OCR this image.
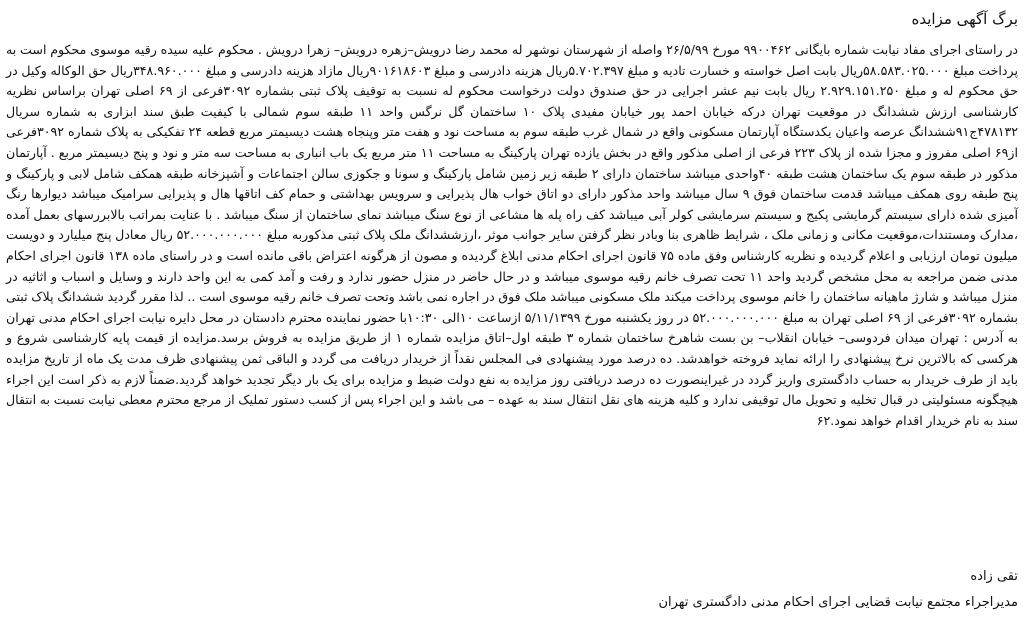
برگ آگهی مزایده

در راستای اجرای مفاد نیابت شماره بایگانی ۹۹۰۰۴۶۲ مورخ ۲۶/۵/۹۹ واصله از شهرستان نوشهر له محمد رضا درویش–زهره درویش– زهرا درویش . محکوم علیه سیده رقیه موسوی محکوم است به پرداخت مبلغ ۵۸.۵۸۳.۰۲۵.۰۰۰ریال بابت اصل خواسته و خسارت تادیه و مبلغ ۵.۷۰۲.۳۹۷ریال هزینه دادرسی و مبلغ ۹۰۱۶۱۸۶۰۳ریال مازاد هزینه دادرسی و مبلغ ۳۴۸.۹۶۰.۰۰۰ریال حق الوکاله وکیل در حق محکوم له و مبلغ ۲.۹۲۹.۱۵۱.۲۵۰ ریال بابت نیم عشر اجرایی در حق صندوق دولت درخواست محکوم له نسبت به توقیف پلاک ثبتی بشماره ۳۰۹۲فرعی از ۶۹ اصلی تهران براساس نظریه کارشناسی ارزش ششدانگ در موقعیت تهران درکه خیابان احمد پور خیابان مفیدی پلاک ۱۰ ساختمان گل نرگس واحد ۱۱ طبقه سوم شمالی با کیفیت طبق سند ابزاری به شماره سریال ۴۷۸۱۳۲ج۹۱ششدانگ عرصه واعیان یکدستگاه آپارتمان مسکونی واقع در شمال غرب طبقه سوم به مساحت نود و هفت متر وپنجاه هشت دیسیمتر مربع قطعه ۲۴ تفکیکی به پلاک شماره ۳۰۹۲فرعی از۶۹ اصلی مفروز و مجزا شده از پلاک ۲۲۳ فرعی از اصلی مذکور واقع در بخش یازده تهران پارکینگ به مساحت ۱۱ متر مربع یک باب انباری به مساحت سه متر و نود و پنج دیسیمتر مربع . آپارتمان مذکور در طبقه سوم یک ساختمان هشت طبقه ۴۰واحدی میباشد ساختمان دارای ۲ طبقه زیر زمین شامل پارکینگ و سونا و جکوزی سالن اجتماعات و آشپزخانه طبقه همکف شامل لابی و پارکینگ و پنج طبقه روی همکف میباشد قدمت ساختمان فوق ۹ سال میباشد واحد مذکور دارای دو اتاق خواب هال پذیرایی و سرویس بهداشتی و حمام کف اتاقها هال و پذیرایی سرامیک میباشد دیوارها رنگ آمیزی شده دارای سیستم گرمایشی پکیج و سیستم سرمایشی کولر آبی میباشد کف راه پله ها مشاعی از نوع سنگ میباشد نمای ساختمان از سنگ میباشد . با عنایت بمراتب بالابررسهای بعمل آمده ،مدارک ومستندات،موقعیت مکانی و زمانی ملک ، شرایط ظاهری بنا وبادر نظر گرفتن سایر جوانب موثر ،ارزششدانگ ملک پلاک ثبتی مذکوربه مبلغ ۵۲.۰۰۰.۰۰۰.۰۰۰ ریال معادل پنج میلیارد و دویست میلیون تومان ارزیابی و اعلام گردیده و نظریه کارشناس وفق ماده ۷۵ قانون اجرای احکام مدنی ابلاغ گردیده و مصون از هرگونه اعتراض باقی مانده است و در راستای ماده ۱۳۸ قانون اجرای احکام مدنی ضمن مراجعه به محل مشخص گردید واحد ۱۱ تحت تصرف خانم رقیه موسوی میباشد و در حال حاضر در منزل حضور ندارد و رفت و آمد کمی به این واحد دارند و وسایل و اسباب و اثاثیه در منزل میباشد و شارژ ماهیانه ساختمان را خانم موسوی پرداخت میکند ملک مسکونی میباشد ملک فوق در اجاره نمی باشد وتحت تصرف خانم رقیه موسوی است .. لذا مقرر گردید ششدانگ پلاک ثبتی بشماره ۳۰۹۲فرعی از ۶۹ اصلی تهران به مبلغ ۵۲.۰۰۰.۰۰۰.۰۰۰ در روز یکشنبه مورخ ۵/۱۱/۱۳۹۹ ازساعت ۱۰الی ۱۰:۳۰با حضور نماینده محترم دادستان در محل دایره نیابت اجرای احکام مدنی تهران به آدرس : تهران میدان فردوسی– خیابان انقلاب– بن بست شاهرخ ساختمان شماره ۳ طبقه اول–اتاق مزایده شماره ۱ از طریق مزایده به فروش برسد.مزایده از قیمت پایه کارشناسی شروع و هرکسی که بالاترین نرخ پیشنهادی را ارائه نماید فروخته خواهدشد. ده درصد مورد پیشنهادی فی المجلس نقداً از خریدار دریافت می گردد و الباقی ثمن پیشنهادی ظرف مدت یک ماه از تاریخ مزایده باید از طرف خریدار به حساب دادگستری واریز گردد در غیراینصورت ده درصد دریافتی روز مزایده به نفع دولت ضبط و مزایده برای یک بار دیگر تجدید خواهد گردید.ضمناً لازم به ذکر است این اجراء هیچگونه مسئولیتی در قبال تخلیه و تحویل مال توقیفی ندارد و کلیه هزینه های نقل انتقال سند به عهده – می باشد و این اجراء پس از کسب دستور تملیک از مرجع محترم معطی نیابت نسبت به انتقال سند به نام خریدار اقدام خواهد نمود.۶۲

تقی زاده
مدیراجراء مجتمع نیابت قضایی اجرای احکام مدنی دادگستری تهران
